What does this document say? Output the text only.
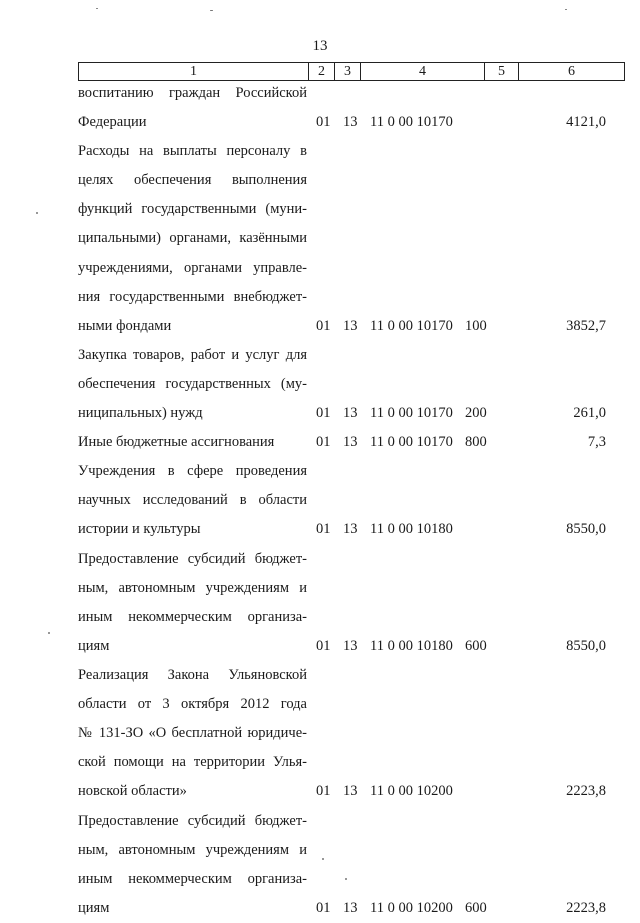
13
1	2	3	4	5	6
воспитанию граждан Российской
Федерации	01 13 11 0 00 10170	4121,0
Расходы на выплаты персоналу в
целях обеспечения выполнения
функций государственными (муни-
ципальными) органами, казёнными
учреждениями, органами управле-
ния государственными внебюджет-
ными фондами	01 13 11 0 00 10170 100	3852,7
Закупка товаров, работ и услуг для
обеспечения государственных (му-
ниципальных) нужд	01 13 11 0 00 10170 200	261,0
Иные бюджетные ассигнования	01 13 11 0 00 10170 800	7,3
Учреждения в сфере проведения
научных исследований в области
истории и культуры	01 13 11 0 00 10180	8550,0
Предоставление субсидий бюджет-
ным, автономным учреждениям и
иным некоммерческим организа-
циям	01 13 11 0 00 10180 600	8550,0
Реализация Закона Ульяновской
области от 3 октября 2012 года
№ 131-ЗО «О бесплатной юридиче-
ской помощи на территории Улья-
новской области»	01 13 11 0 00 10200	2223,8
Предоставление субсидий бюджет-
ным, автономным учреждениям и
иным некоммерческим организа-
циям	01 13 11 0 00 10200 600	2223,8
